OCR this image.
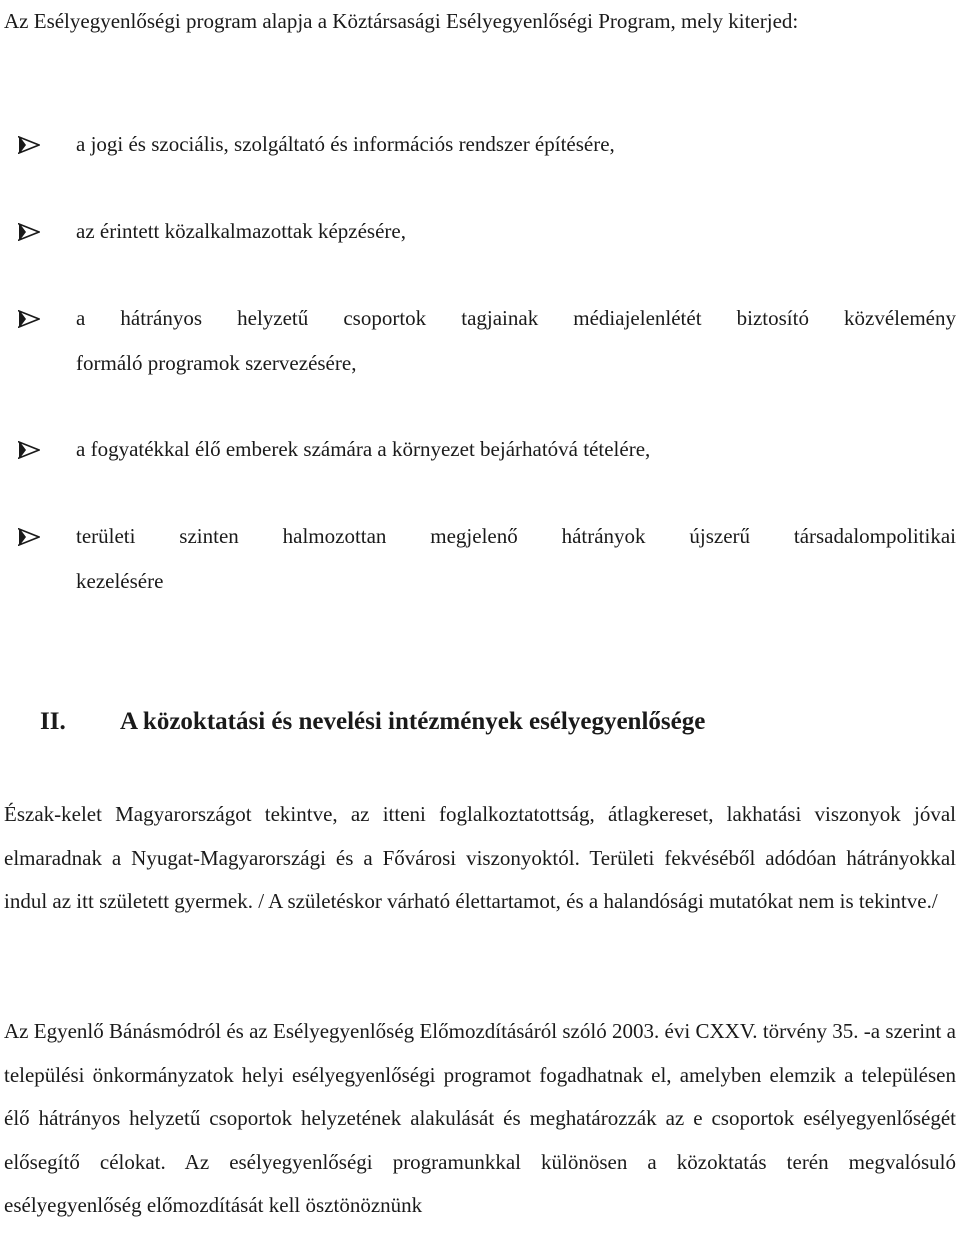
Az Esélyegyenlőségi program alapja a Köztársasági Esélyegyenlőségi Program, mely kiterjed:
a jogi és szociális, szolgáltató és információs rendszer építésére,
az érintett közalkalmazottak képzésére,
a hátrányos helyzetű csoportok tagjainak médiajelenlétét biztosító közvélemény
formáló programok szervezésére,
a fogyatékkal élő emberek számára a környezet bejárhatóvá tételére,
területi szinten halmozottan megjelenő hátrányok újszerű társadalompolitikai
kezelésére
II. A közoktatási és nevelési intézmények esélyegyenlősége
Észak-kelet Magyarországot tekintve, az itteni foglalkoztatottság, átlagkereset, lakhatási viszonyok jóval elmaradnak a Nyugat-Magyarországi és a Fővárosi viszonyoktól. Területi fekvéséből adódóan hátrányokkal indul az itt született gyermek. / A születéskor várható élettartamot, és a halandósági mutatókat nem is tekintve./
Az Egyenlő Bánásmódról és az Esélyegyenlőség Előmozdításáról szóló 2003. évi CXXV. törvény 35. -a szerint a települési önkormányzatok helyi esélyegyenlőségi programot fogadhatnak el, amelyben elemzik a településen élő hátrányos helyzetű csoportok helyzetének alakulását és meghatározzák az e csoportok esélyegyenlőségét elősegítő célokat. Az esélyegyenlőségi programunkkal különösen a közoktatás terén megvalósuló esélyegyenlőség előmozdítását kell ösztönöznünk
